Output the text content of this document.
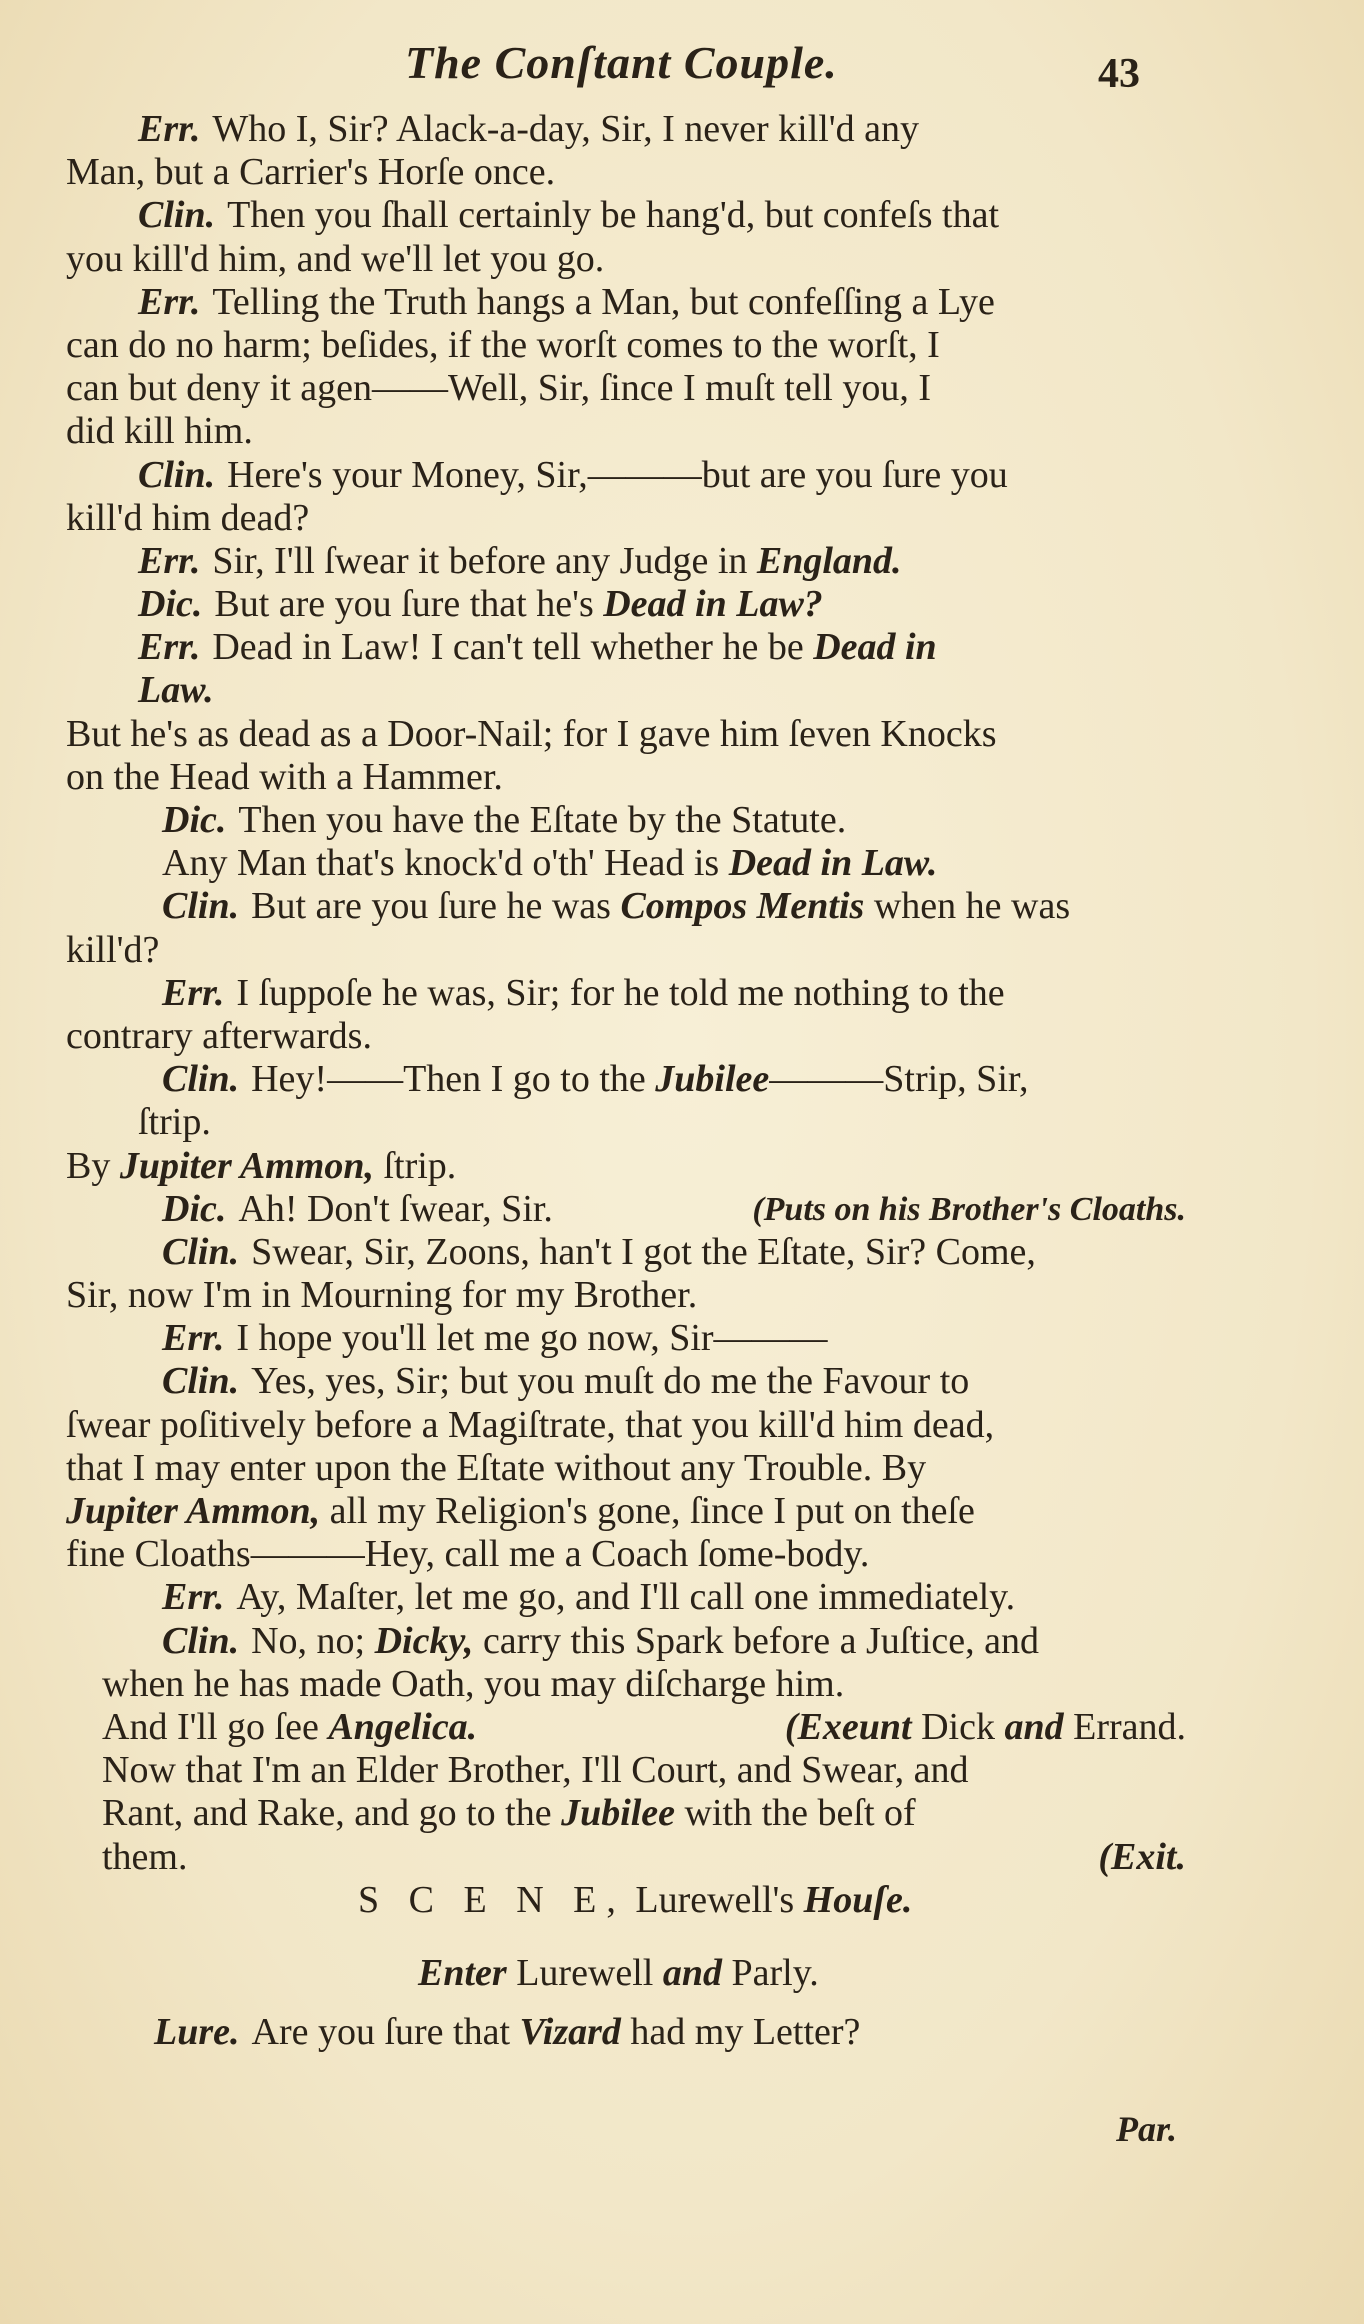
The Conſtant Couple.	43
Err. Who I, Sir? Alack-a-day, Sir, I never kill'd any
Man, but a Carrier's Horſe once.
Clin. Then you ſhall certainly be hang'd, but confeſs that
you kill'd him, and we'll let you go.
Err. Telling the Truth hangs a Man, but confeſſing a Lye
can do no harm; beſides, if the worſt comes to the worſt, I
can but deny it agen——Well, Sir, ſince I muſt tell you, I
did kill him.
Clin. Here's your Money, Sir,———but are you ſure you
kill'd him dead?
Err. Sir, I'll ſwear it before any Judge in England.
Dic. But are you ſure that he's Dead in Law?
Err. Dead in Law! I can't tell whether he be Dead in
Law.
But he's as dead as a Door-Nail; for I gave him ſeven Knocks
on the Head with a Hammer.
Dic. Then you have the Eſtate by the Statute.
Any Man that's knock'd o'th' Head is Dead in Law.
Clin. But are you ſure he was Compos Mentis when he was
kill'd?
Err. I ſuppoſe he was, Sir; for he told me nothing to the
contrary afterwards.
Clin. Hey!——Then I go to the Jubilee———Strip, Sir,
ſtrip.
By Jupiter Ammon, ſtrip.
Dic. Ah! Don't ſwear, Sir.	(Puts on his Brother's Cloaths.
Clin. Swear, Sir, Zoons, han't I got the Eſtate, Sir? Come,
Sir, now I'm in Mourning for my Brother.
Err. I hope you'll let me go now, Sir———
Clin. Yes, yes, Sir; but you muſt do me the Favour to
ſwear poſitively before a Magiſtrate, that you kill'd him dead,
that I may enter upon the Eſtate without any Trouble. By
Jupiter Ammon, all my Religion's gone, ſince I put on theſe
fine Cloaths———Hey, call me a Coach ſome-body.
Err. Ay, Maſter, let me go, and I'll call one immediately.
Clin. No, no; Dicky, carry this Spark before a Juſtice, and
when he has made Oath, you may diſcharge him.
And I'll go ſee Angelica.	(Exeunt Dick and Errand.
Now that I'm an Elder Brother, I'll Court, and Swear, and
Rant, and Rake, and go to the Jubilee with the beſt of
them.	(Exit.
S C E N E, Lurewell's Houſe.
Enter Lurewell and Parly.
Lure. Are you ſure that Vizard had my Letter?
Par.
